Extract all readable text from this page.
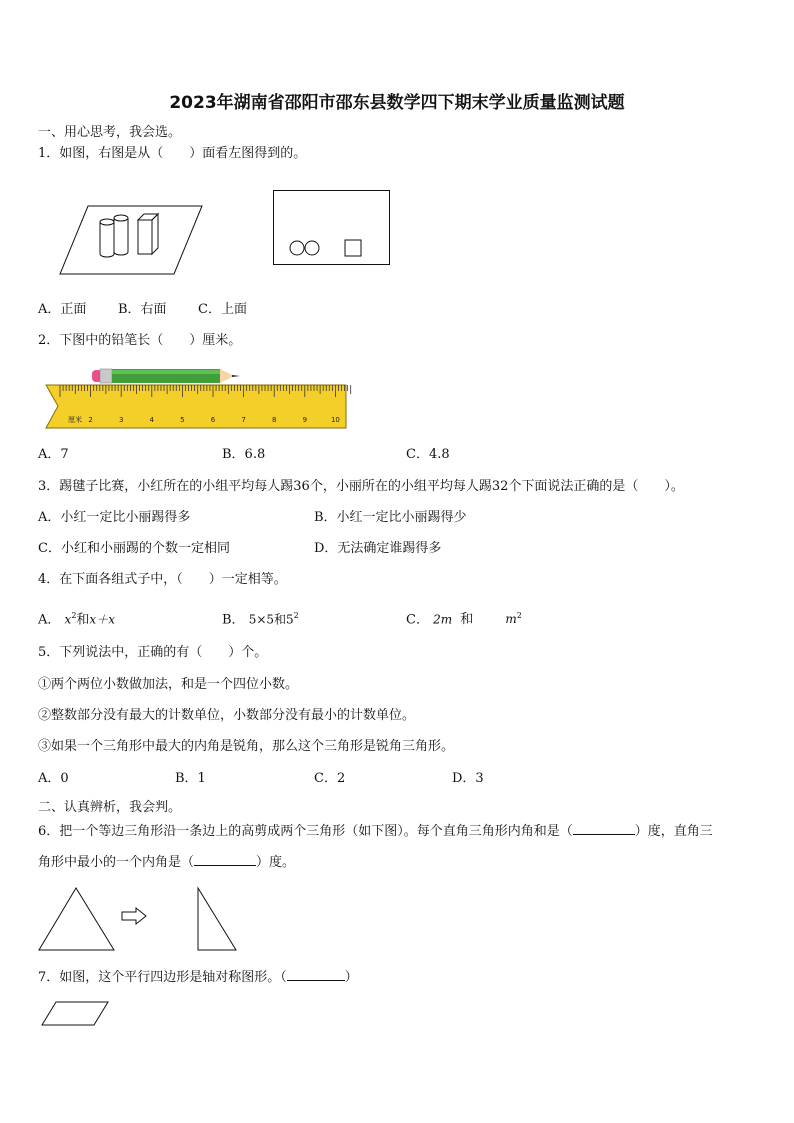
2023年湖南省邵阳市邵东县数学四下期末学业质量监测试题
一、用心思考，我会选。
1．如图，右图是从（　　）面看左图得到的。
A．正面 B．右面 C．上面
2．下图中的铅笔长（　　）厘米。
厘米 2	3	4	5	6	7	8	9	10
A．7	B．6.8	C．4.8
3．踢毽子比赛，小红所在的小组平均每人踢36个，小丽所在的小组平均每人踢32个下面说法正确的是（　　）。
A．小红一定比小丽踢得多	B．小红一定比小丽踢得少
C．小红和小丽踢的个数一定相同	D．无法确定谁踢得多
4．在下面各组式子中，（　　）一定相等。
A． $x^2$和x＋x	B． 5×5和$5^2$	C． 2m 和	$m^2$
5．下列说法中，正确的有（　　）个。
①两个两位小数做加法，和是一个四位小数。
②整数部分没有最大的计数单位，小数部分没有最小的计数单位。
③如果一个三角形中最大的内角是锐角，那么这个三角形是锐角三角形。
A．0	B．1	C．2	D．3
二、认真辨析，我会判。
6．把一个等边三角形沿一条边上的高剪成两个三角形（如下图）。每个直角三角形内角和是（	）度，直角三
角形中最小的一个内角是（	）度。
7．如图，这个平行四边形是轴对称图形。（	）
